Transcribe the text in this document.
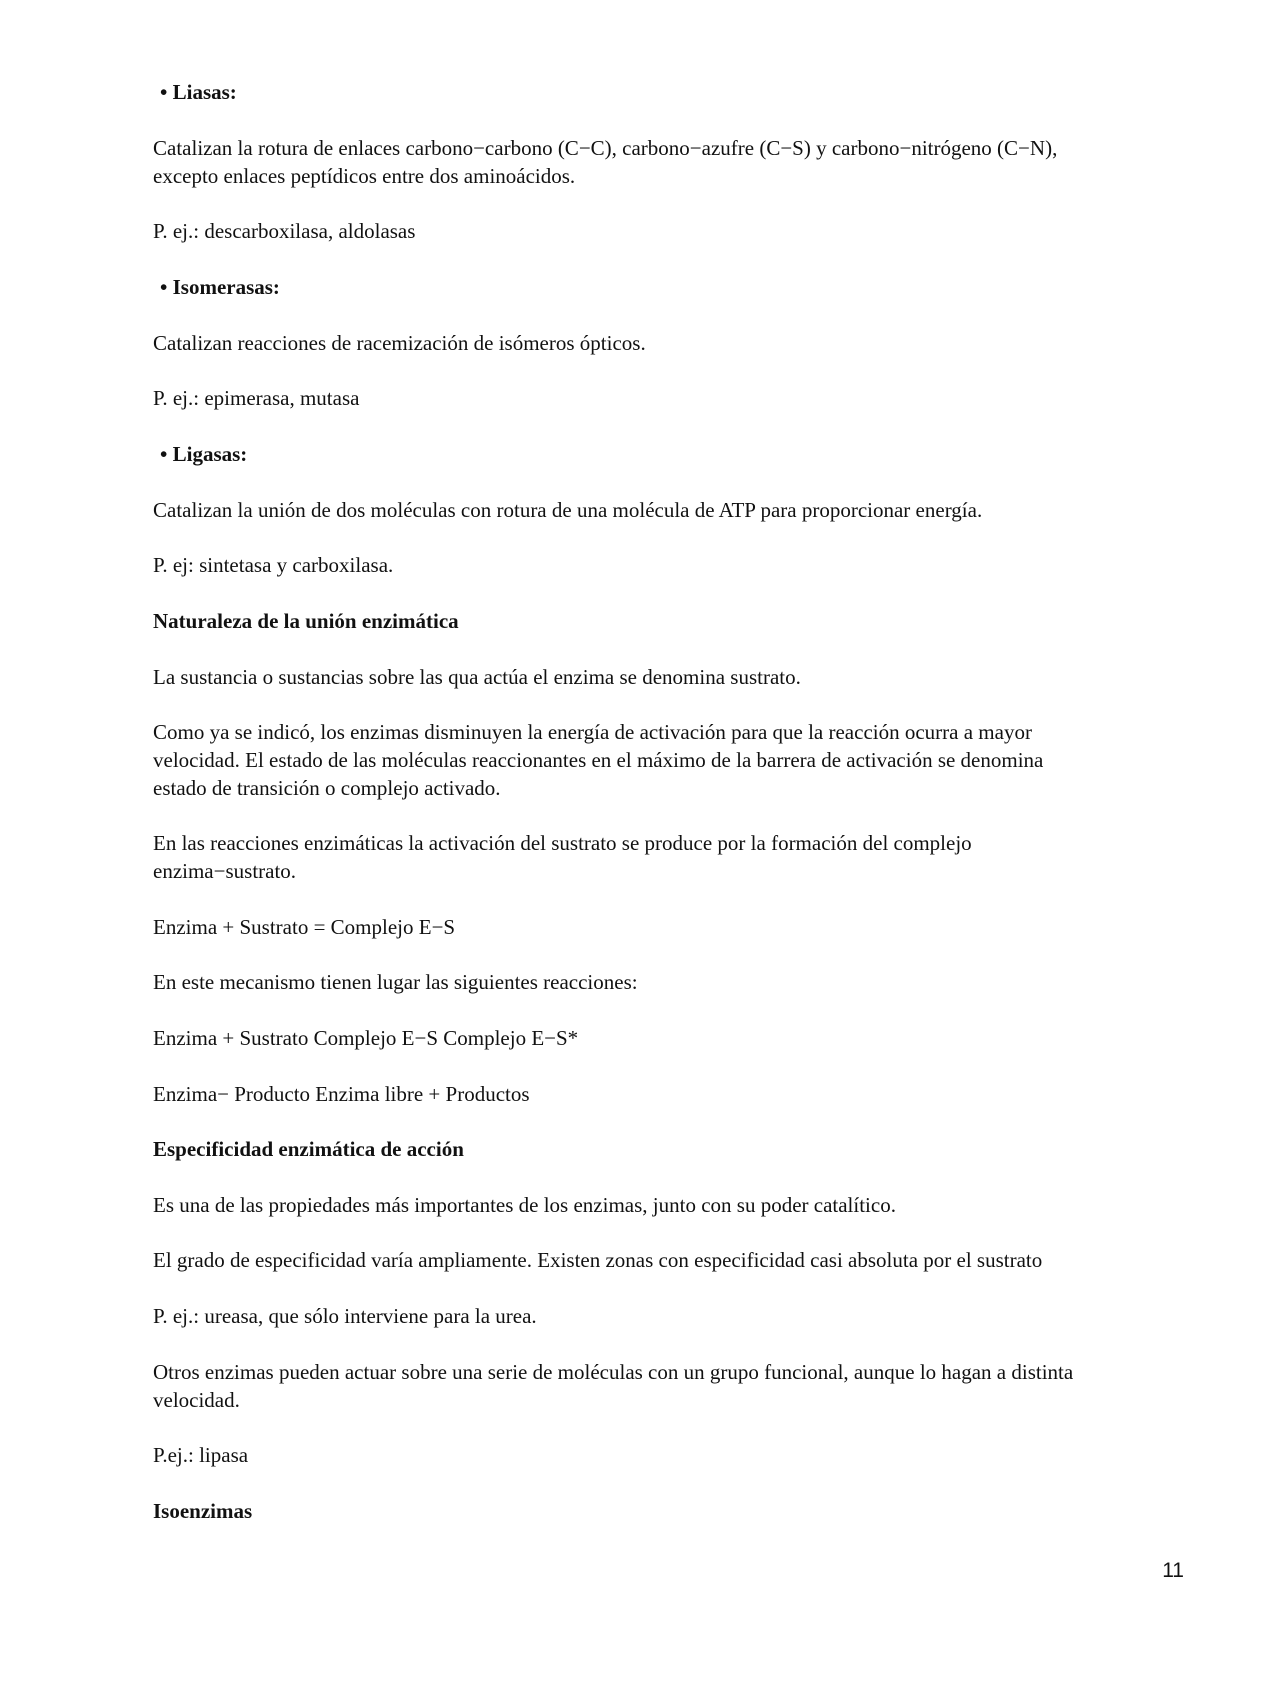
• Liasas:
Catalizan la rotura de enlaces carbono−carbono (C−C), carbono−azufre (C−S) y carbono−nitrógeno (C−N),
excepto enlaces peptídicos entre dos aminoácidos.
P. ej.: descarboxilasa, aldolasas
• Isomerasas:
Catalizan reacciones de racemización de isómeros ópticos.
P. ej.: epimerasa, mutasa
• Ligasas:
Catalizan la unión de dos moléculas con rotura de una molécula de ATP para proporcionar energía.
P. ej: sintetasa y carboxilasa.
Naturaleza de la unión enzimática
La sustancia o sustancias sobre las qua actúa el enzima se denomina sustrato.
Como ya se indicó, los enzimas disminuyen la energía de activación para que la reacción ocurra a mayor
velocidad. El estado de las moléculas reaccionantes en el máximo de la barrera de activación se denomina
estado de transición o complejo activado.
En las reacciones enzimáticas la activación del sustrato se produce por la formación del complejo
enzima−sustrato.
Enzima + Sustrato = Complejo E−S
En este mecanismo tienen lugar las siguientes reacciones:
Enzima + Sustrato Complejo E−S Complejo E−S*
Enzima− Producto Enzima libre + Productos
Especificidad enzimática de acción
Es una de las propiedades más importantes de los enzimas, junto con su poder catalítico.
El grado de especificidad varía ampliamente. Existen zonas con especificidad casi absoluta por el sustrato
P. ej.: ureasa, que sólo interviene para la urea.
Otros enzimas pueden actuar sobre una serie de moléculas con un grupo funcional, aunque lo hagan a distinta
velocidad.
P.ej.: lipasa
Isoenzimas
11
